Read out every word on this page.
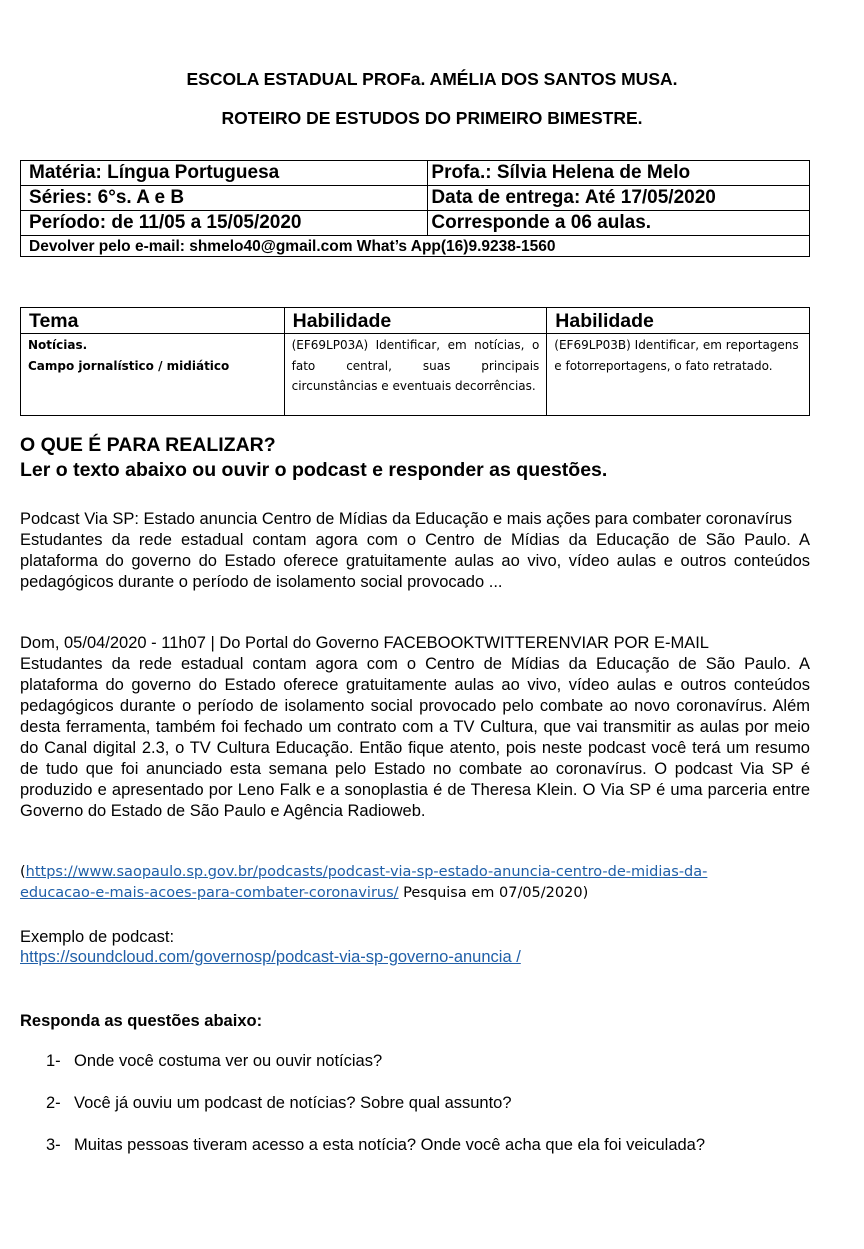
ESCOLA ESTADUAL PROFa. AMÉLIA DOS SANTOS MUSA.
ROTEIRO DE ESTUDOS DO PRIMEIRO BIMESTRE.
Matéria: Língua Portuguesa	Profa.: Sílvia Helena de Melo
Séries: 6°s. A e B	Data de entrega: Até 17/05/2020
Período: de 11/05 a 15/05/2020	Corresponde a 06 aulas.
Devolver pelo e-mail: shmelo40@gmail.com What’s App(16)9.9238-1560	
Tema	Habilidade	Habilidade

Notícias.
Campo jornalístico / midiático	(EF69LP03A) Identificar, em notícias, o fato central, suas principais circunstâncias e eventuais decorrências.	(EF69LP03B) Identificar, em reportagens e fotorreportagens, o fato retratado.
O QUE É PARA REALIZAR?
Ler o texto abaixo ou ouvir o podcast e responder as questões.
Podcast Via SP: Estado anuncia Centro de Mídias da Educação e mais ações para combater coronavírus
Estudantes da rede estadual contam agora com o Centro de Mídias da Educação de São Paulo. A plataforma do governo do Estado oferece gratuitamente aulas ao vivo, vídeo aulas e outros conteúdos pedagógicos durante o período de isolamento social provocado ...
Dom, 05/04/2020 - 11h07 | Do Portal do Governo FACEBOOKTWITTERENVIAR POR E-MAIL
Estudantes da rede estadual contam agora com o Centro de Mídias da Educação de São Paulo. A plataforma do governo do Estado oferece gratuitamente aulas ao vivo, vídeo aulas e outros conteúdos pedagógicos durante o período de isolamento social provocado pelo combate ao novo coronavírus. Além desta ferramenta, também foi fechado um contrato com a TV Cultura, que vai transmitir as aulas por meio do Canal digital 2.3, o TV Cultura Educação. Então fique atento, pois neste podcast você terá um resumo de tudo que foi anunciado esta semana pelo Estado no combate ao coronavírus. O podcast Via SP é produzido e apresentado por Leno Falk e a sonoplastia é de Theresa Klein. O Via SP é uma parceria entre Governo do Estado de São Paulo e Agência Radioweb.
(https://www.saopaulo.sp.gov.br/podcasts/podcast-via-sp-estado-anuncia-centro-de-midias-da-
educacao-e-mais-acoes-para-combater-coronavirus/ Pesquisa em 07/05/2020)
Exemplo de podcast:
https://soundcloud.com/governosp/podcast-via-sp-governo-anuncia /
Responda as questões abaixo:
1- Onde você costuma ver ou ouvir notícias?
2- Você já ouviu um podcast de notícias? Sobre qual assunto?
3- Muitas pessoas tiveram acesso a esta notícia? Onde você acha que ela foi veiculada?
